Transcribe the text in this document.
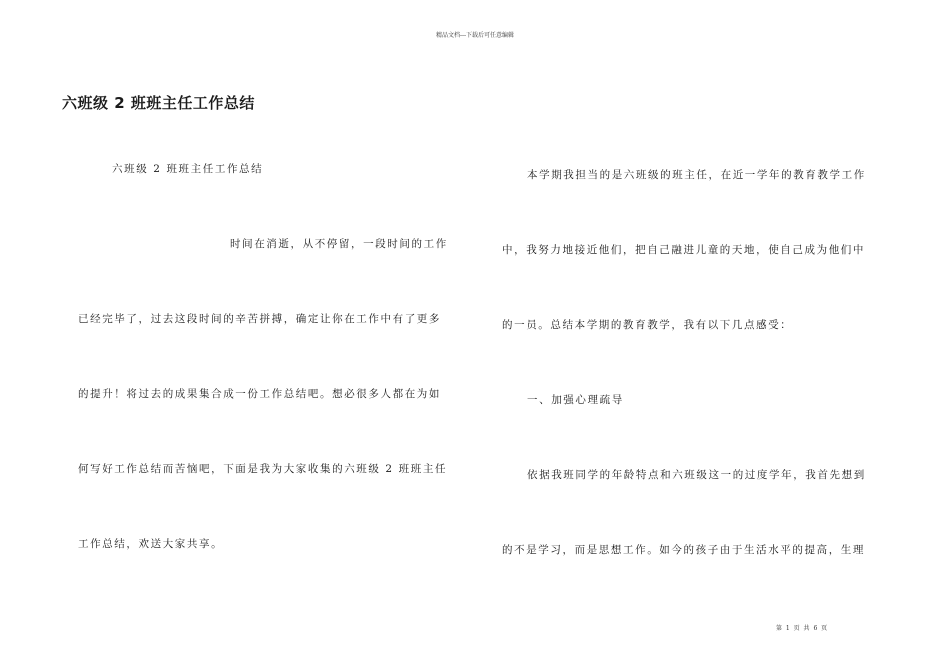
精品文档---下载后可任意编辑
六班级 2 班班主任工作总结
六班级 2 班班主任工作总结
时间在消逝，从不停留，一段时间的工作
已经完毕了，过去这段时间的辛苦拼搏，确定让你在工作中有了更多
的提升！将过去的成果集合成一份工作总结吧。想必很多人都在为如
何写好工作总结而苦恼吧，下面是我为大家收集的六班级 2 班班主任
工作总结，欢送大家共享。
本学期我担当的是六班级的班主任，在近一学年的教育教学工作
中，我努力地接近他们，把自己融进儿童的天地，使自己成为他们中
的一员。总结本学期的教育教学，我有以下几点感受：
一、加强心理疏导
依据我班同学的年龄特点和六班级这一的过度学年，我首先想到
的不是学习，而是思想工作。如今的孩子由于生活水平的提高，生理
第 1 页 共 6 页
